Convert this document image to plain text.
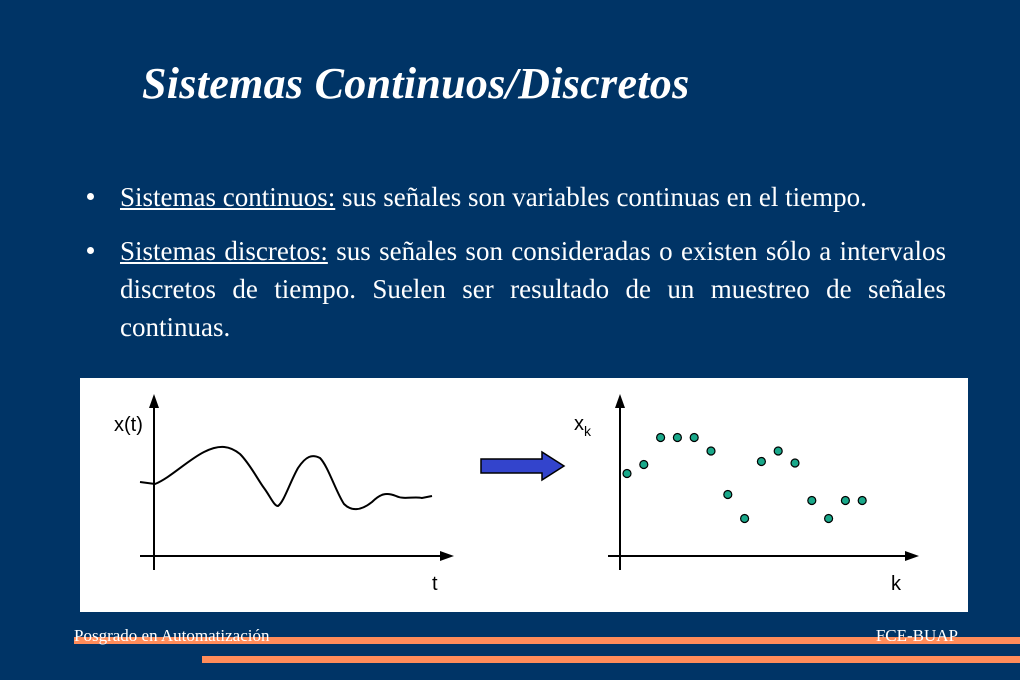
Sistemas Continuos/Discretos

Sistemas continuos: sus señales son variables continuas en el tiempo.

Sistemas discretos: sus señales son consideradas o existen sólo a intervalos discretos de tiempo. Suelen ser resultado de un muestreo de señales continuas.

x(t)
t
$x_k$
k
Posgrado en Automatización	FCE-BUAP
